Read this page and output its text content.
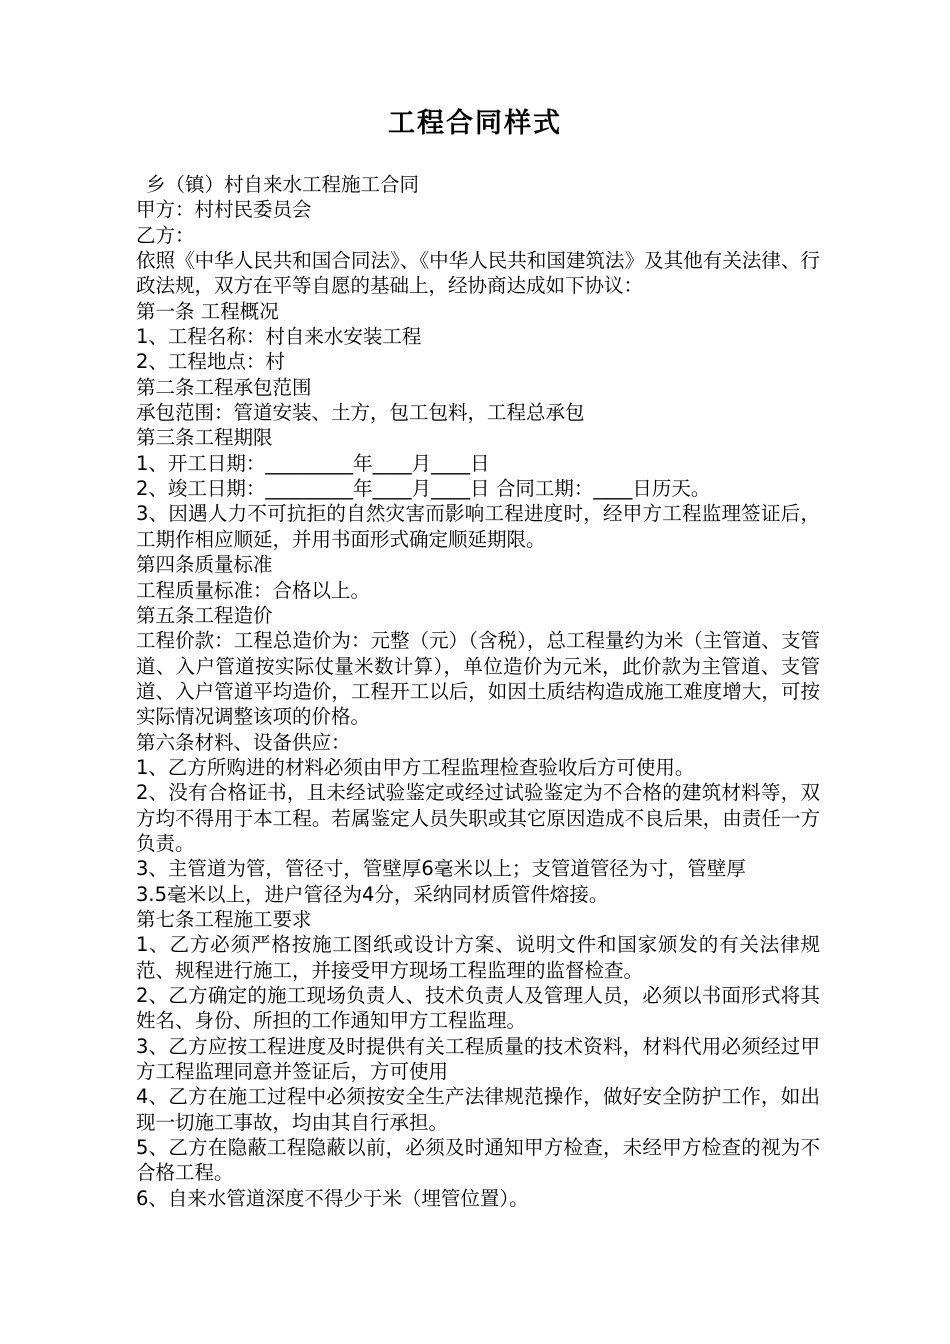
工程合同样式

乡（镇）村自来水工程施工合同

甲方：村村民委员会

乙方：

依照《中华人民共和国合同法》、《中华人民共和国建筑法》及其他有关法律、行政法规，双方在平等自愿的基础上，经协商达成如下协议：

第一条 工程概况

1、工程名称：村自来水安装工程

2、工程地点：村

第二条工程承包范围

承包范围：管道安装、土方，包工包料，工程总承包

第三条工程期限

1、开工日期：_________年____月____日

2、竣工日期：_________年____月____日 合同工期：____日历天。

3、因遇人力不可抗拒的自然灾害而影响工程进度时，经甲方工程监理签证后，工期作相应顺延，并用书面形式确定顺延期限。

第四条质量标准

工程质量标准：合格以上。

第五条工程造价

工程价款：工程总造价为：元整（元）（含税），总工程量约为米（主管道、支管道、入户管道按实际仗量米数计算），单位造价为元米，此价款为主管道、支管道、入户管道平均造价，工程开工以后，如因土质结构造成施工难度增大，可按实际情况调整该项的价格。

第六条材料、设备供应：

1、乙方所购进的材料必须由甲方工程监理检查验收后方可使用。

2、没有合格证书，且未经试验鉴定或经过试验鉴定为不合格的建筑材料等，双方均不得用于本工程。若属鉴定人员失职或其它原因造成不良后果，由责任一方负责。

3、主管道为管，管径寸，管壁厚6毫米以上；支管道管径为寸，管壁厚

3.5毫米以上，进户管径为4分，采纳同材质管件熔接。

第七条工程施工要求

1、乙方必须严格按施工图纸或设计方案、说明文件和国家颁发的有关法律规范、规程进行施工，并接受甲方现场工程监理的监督检查。

2、乙方确定的施工现场负责人、技术负责人及管理人员，必须以书面形式将其姓名、身份、所担的工作通知甲方工程监理。

3、乙方应按工程进度及时提供有关工程质量的技术资料，材料代用必须经过甲方工程监理同意并签证后，方可使用

4、乙方在施工过程中必须按安全生产法律规范操作，做好安全防护工作，如出现一切施工事故，均由其自行承担。

5、乙方在隐蔽工程隐蔽以前，必须及时通知甲方检查，未经甲方检查的视为不合格工程。

6、自来水管道深度不得少于米（埋管位置）。
